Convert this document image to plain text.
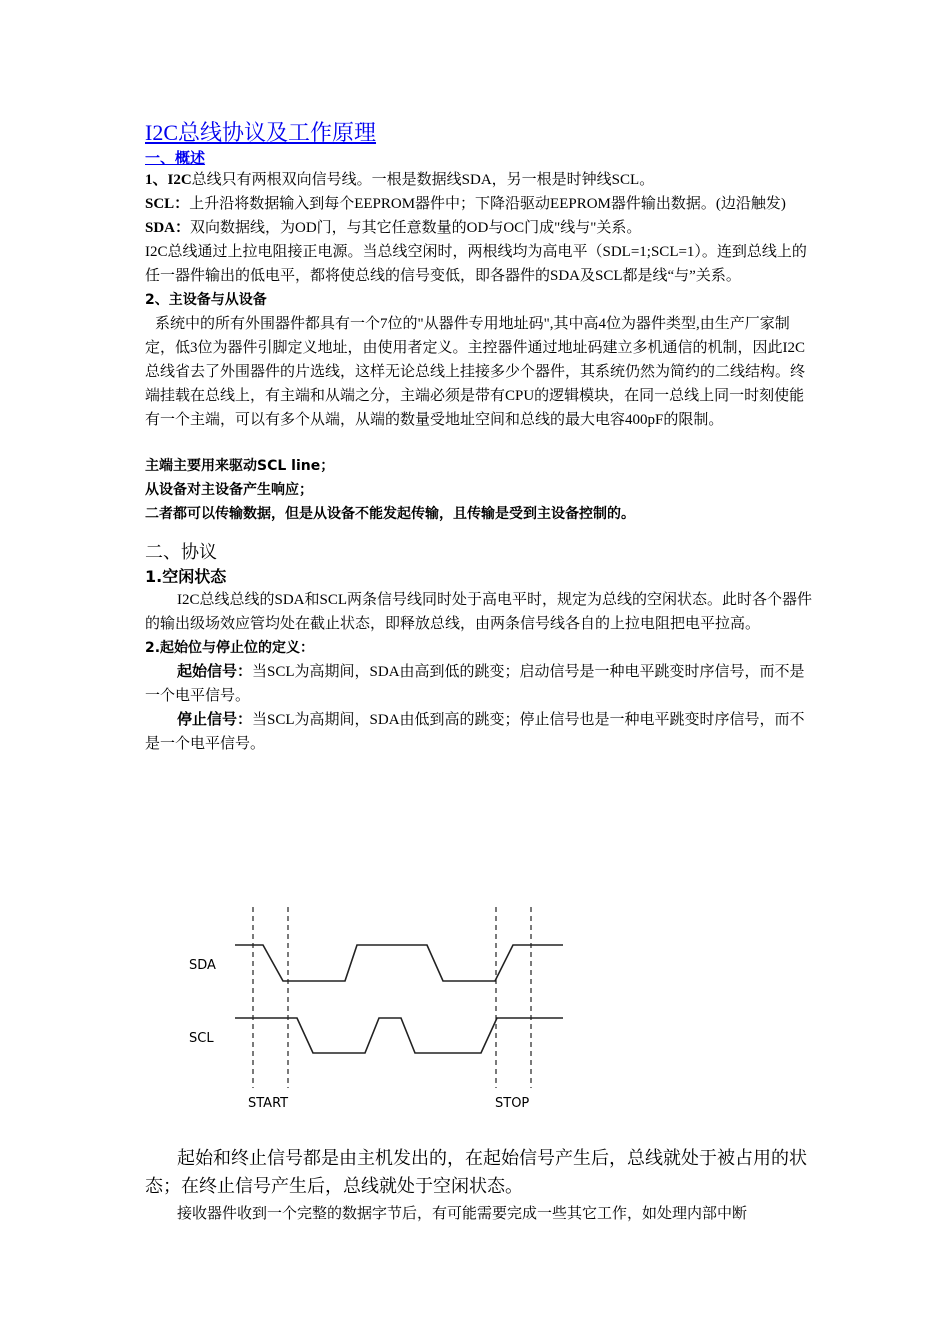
I2C总线协议及工作原理
一、概述

1、I2C总线只有两根双向信号线。一根是数据线SDA，另一根是时钟线SCL。

SCL：上升沿将数据输入到每个EEPROM器件中；下降沿驱动EEPROM器件输出数据。(边沿触发)

SDA：双向数据线，为OD门，与其它任意数量的OD与OC门成"线与"关系。

I2C总线通过上拉电阻接正电源。当总线空闲时，两根线均为高电平（SDL=1;SCL=1）。连到总线上的任一器件输出的低电平，都将使总线的信号变低，即各器件的SDA及SCL都是线“与”关系。

2、主设备与从设备

系统中的所有外围器件都具有一个7位的"从器件专用地址码",其中高4位为器件类型,由生产厂家制定，低3位为器件引脚定义地址，由使用者定义。主控器件通过地址码建立多机通信的机制，因此I2C总线省去了外围器件的片选线，这样无论总线上挂接多少个器件，其系统仍然为简约的二线结构。终端挂载在总线上，有主端和从端之分，主端必须是带有CPU的逻辑模块，在同一总线上同一时刻使能有一个主端，可以有多个从端，从端的数量受地址空间和总线的最大电容400pF的限制。

主端主要用来驱动SCL line；

从设备对主设备产生响应；

二者都可以传输数据，但是从设备不能发起传输，且传输是受到主设备控制的。

二、协议
1.空闲状态

I2C总线总线的SDA和SCL两条信号线同时处于高电平时，规定为总线的空闲状态。此时各个器件的输出级场效应管均处在截止状态，即释放总线，由两条信号线各自的上拉电阻把电平拉高。

2.起始位与停止位的定义：

起始信号：当SCL为高期间，SDA由高到低的跳变；启动信号是一种电平跳变时序信号，而不是一个电平信号。

停止信号：当SCL为高期间，SDA由低到高的跳变；停止信号也是一种电平跳变时序信号，而不是一个电平信号。

SDA
SCL
START	STOP

起始和终止信号都是由主机发出的，在起始信号产生后，总线就处于被占用的状态；在终止信号产生后，总线就处于空闲状态。

接收器件收到一个完整的数据字节后，有可能需要完成一些其它工作，如处理内部中断
